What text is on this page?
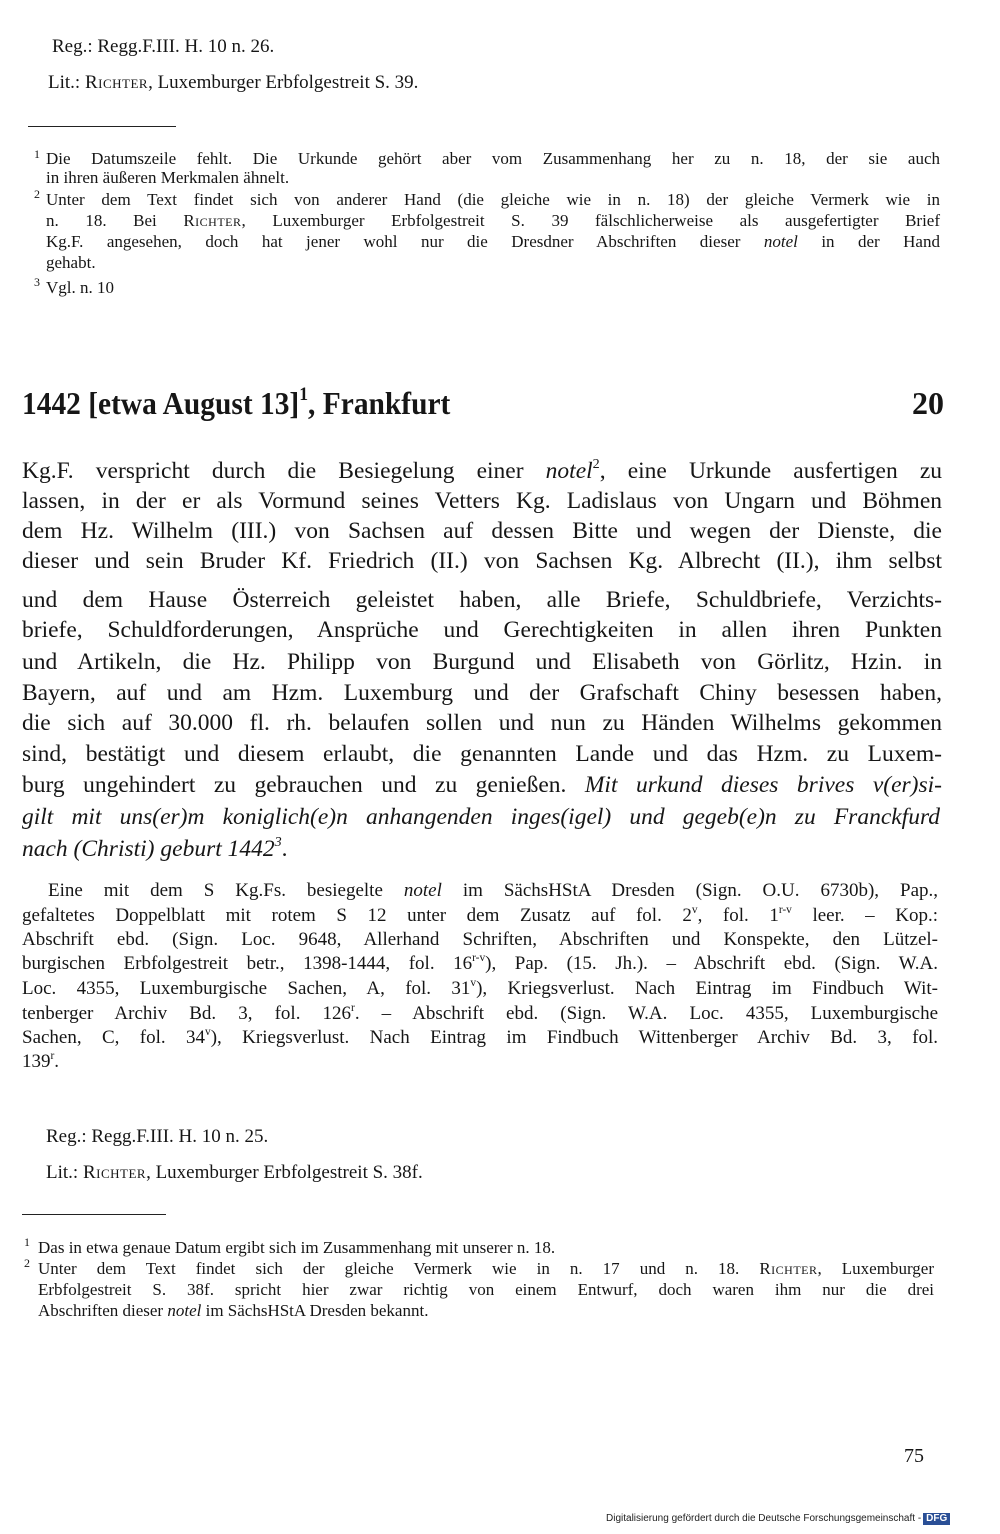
Reg.: Regg.F.III. H. 10 n. 26.
Lit.: Richter, Luxemburger Erbfolgestreit S. 39.
1 Die Datumszeile fehlt. Die Urkunde gehört aber vom Zusammenhang her zu n. 18, der sie auch
in ihren äußeren Merkmalen ähnelt.
2 Unter dem Text findet sich von anderer Hand (die gleiche wie in n. 18) der gleiche Vermerk wie in
n. 18. Bei Richter, Luxemburger Erbfolgestreit S. 39 fälschlicherweise als ausgefertigter Brief
Kg.F. angesehen, doch hat jener wohl nur die Dresdner Abschriften dieser notel in der Hand
gehabt.
3 Vgl. n. 10
1442 [etwa August 13]$^1$, Frankfurt	20
Kg.F. verspricht durch die Besiegelung einer notel$^2$, eine Urkunde ausfertigen zu
lassen, in der er als Vormund seines Vetters Kg. Ladislaus von Ungarn und Böhmen
dem Hz. Wilhelm (III.) von Sachsen auf dessen Bitte und wegen der Dienste, die
dieser und sein Bruder Kf. Friedrich (II.) von Sachsen Kg. Albrecht (II.), ihm selbst
und dem Hause Österreich geleistet haben, alle Briefe, Schuldbriefe, Verzichts-
briefe, Schuldforderungen, Ansprüche und Gerechtigkeiten in allen ihren Punkten
und Artikeln, die Hz. Philipp von Burgund und Elisabeth von Görlitz, Hzin. in
Bayern, auf und am Hzm. Luxemburg und der Grafschaft Chiny besessen haben,
die sich auf 30.000 fl. rh. belaufen sollen und nun zu Händen Wilhelms gekommen
sind, bestätigt und diesem erlaubt, die genannten Lande und das Hzm. zu Luxem-
burg ungehindert zu gebrauchen und zu genießen. Mit urkund dieses brives v(er)si-
gilt mit uns(er)m koniglich(e)n anhangenden inges(igel) und gegeb(e)n zu Franckfurd
nach (Christi) geburt 1442$^3$.
Eine mit dem S Kg.Fs. besiegelte notel im SächsHStA Dresden (Sign. O.U. 6730b), Pap.,
gefaltetes Doppelblatt mit rotem S 12 unter dem Zusatz auf fol. 2$^v$, fol. 1$^{r-v}$ leer. – Kop.:
Abschrift ebd. (Sign. Loc. 9648, Allerhand Schriften, Abschriften und Konspekte, den Lützel-
burgischen Erbfolgestreit betr., 1398-1444, fol. 16$^{r-v}$), Pap. (15. Jh.). – Abschrift ebd. (Sign. W.A.
Loc. 4355, Luxemburgische Sachen, A, fol. 31$^v$), Kriegsverlust. Nach Eintrag im Findbuch Wit-
tenberger Archiv Bd. 3, fol. 126$^r$. – Abschrift ebd. (Sign. W.A. Loc. 4355, Luxemburgische
Sachen, C, fol. 34$^v$), Kriegsverlust. Nach Eintrag im Findbuch Wittenberger Archiv Bd. 3, fol.
139$^r$.
Reg.: Regg.F.III. H. 10 n. 25.
Lit.: Richter, Luxemburger Erbfolgestreit S. 38f.
1 Das in etwa genaue Datum ergibt sich im Zusammenhang mit unserer n. 18.
2 Unter dem Text findet sich der gleiche Vermerk wie in n. 17 und n. 18. Richter, Luxemburger
Erbfolgestreit S. 38f. spricht hier zwar richtig von einem Entwurf, doch waren ihm nur die drei
Abschriften dieser notel im SächsHStA Dresden bekannt.
75
Digitalisierung gefördert durch die Deutsche Forschungsgemeinschaft - DFG
